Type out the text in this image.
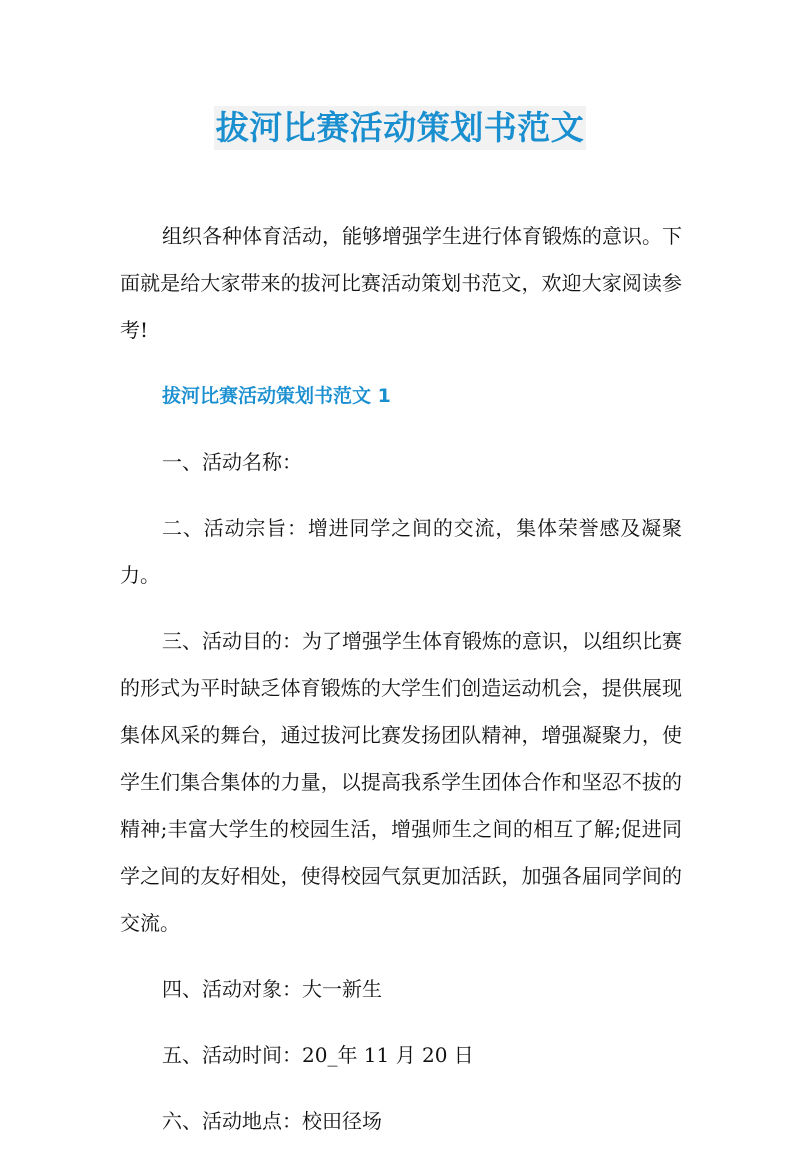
拔河比赛活动策划书范文

组织各种体育活动，能够增强学生进行体育锻炼的意识。下面就是给大家带来的拔河比赛活动策划书范文，欢迎大家阅读参考!

拔河比赛活动策划书范文 1

一、活动名称：

二、活动宗旨：增进同学之间的交流，集体荣誉感及凝聚力。

三、活动目的：为了增强学生体育锻炼的意识，以组织比赛的形式为平时缺乏体育锻炼的大学生们创造运动机会，提供展现集体风采的舞台，通过拔河比赛发扬团队精神，增强凝聚力，使学生们集合集体的力量，以提高我系学生团体合作和坚忍不拔的精神;丰富大学生的校园生活，增强师生之间的相互了解;促进同学之间的友好相处，使得校园气氛更加活跃，加强各届同学间的交流。

四、活动对象：大一新生

五、活动时间：20_年 11 月 20 日

六、活动地点：校田径场
